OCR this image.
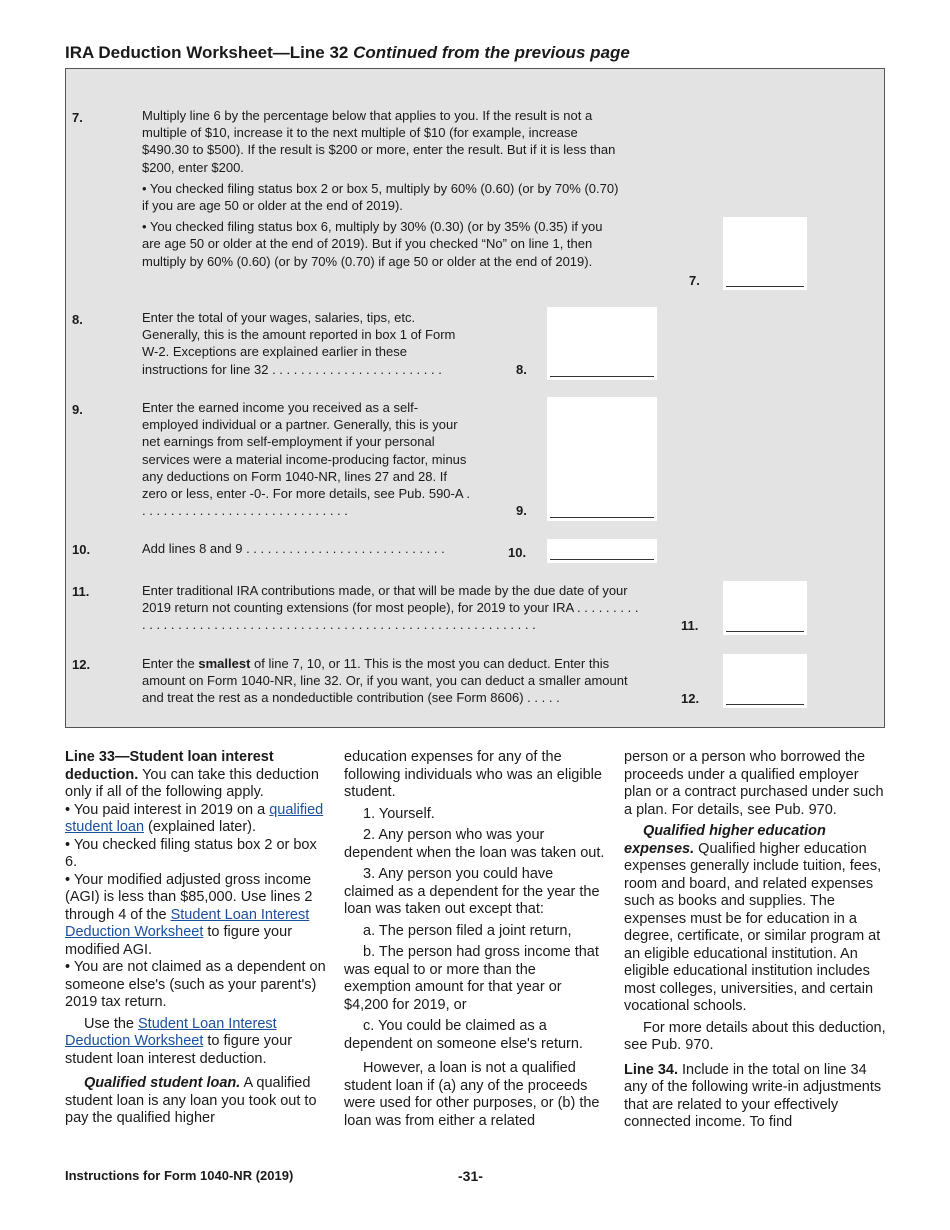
IRA Deduction Worksheet—Line 32 Continued from the previous page
7.	Multiply line 6 by the percentage below that applies to you. If the result is not a multiple of $10, increase it to the next multiple of $10 (for example, increase $490.30 to $500). If the result is $200 or more, enter the result. But if it is less than $200, enter $200.

• You checked filing status box 2 or box 5, multiply by 60% (0.60) (or by 70% (0.70) if you are age 50 or older at the end of 2019).

• You checked filing status box 6, multiply by 30% (0.30) (or by 35% (0.35) if you are age 50 or older at the end of 2019). But if you checked “No” on line 1, then multiply by 60% (0.60) (or by 70% (0.70) if age 50 or older at the end of 2019).

7.
8.	Enter the total of your wages, salaries, tips, etc. Generally, this is the amount reported in box 1 of Form W-2. Exceptions are explained earlier in these instructions for line 32 . . . . . . . . . . . . . . . . . . . . . . . .	8.
9.	Enter the earned income you received as a self-employed individual or a partner. Generally, this is your net earnings from self-employment if your personal services were a material income-producing factor, minus any deductions on Form 1040-NR, lines 27 and 28. If zero or less, enter -0-. For more details, see Pub. 590-A . . . . . . . . . . . . . . . . . . . . . . . . . . . . . .	9.
10.	Add lines 8 and 9 . . . . . . . . . . . . . . . . . . . . . . . . . . . .	10.
11.	Enter traditional IRA contributions made, or that will be made by the due date of your 2019 return not counting extensions (for most people), for 2019 to your IRA . . . . . . . . . . . . . . . . . . . . . . . . . . . . . . . . . . . . . . . . . . . . . . . . . . . . . . . . . . . . . . . .	11.
12.	Enter the smallest of line 7, 10, or 11. This is the most you can deduct. Enter this amount on Form 1040-NR, line 32. Or, if you want, you can deduct a smaller amount and treat the rest as a nondeductible contribution (see Form 8606) . . . . .	12.

Line 33—Student loan interest deduction. You can take this deduction only if all of the following apply.

• You paid interest in 2019 on a qualified student loan (explained later).

• You checked filing status box 2 or box 6.

• Your modified adjusted gross income (AGI) is less than $85,000. Use lines 2 through 4 of the Student Loan Interest Deduction Worksheet to figure your modified AGI.

• You are not claimed as a dependent on someone else's (such as your parent's) 2019 tax return.

Use the Student Loan Interest Deduction Worksheet to figure your student loan interest deduction.

Qualified student loan. A qualified student loan is any loan you took out to pay the qualified higher

education expenses for any of the following individuals who was an eligible student.

1. Yourself.

2. Any person who was your dependent when the loan was taken out.

3. Any person you could have claimed as a dependent for the year the loan was taken out except that:

a. The person filed a joint return,

b. The person had gross income that was equal to or more than the exemption amount for that year or $4,200 for 2019, or

c. You could be claimed as a dependent on someone else's return.

However, a loan is not a qualified student loan if (a) any of the proceeds were used for other purposes, or (b) the loan was from either a related

person or a person who borrowed the proceeds under a qualified employer plan or a contract purchased under such a plan. For details, see Pub. 970.

Qualified higher education expenses. Qualified higher education expenses generally include tuition, fees, room and board, and related expenses such as books and supplies. The expenses must be for education in a degree, certificate, or similar program at an eligible educational institution. An eligible educational institution includes most colleges, universities, and certain vocational schools.

For more details about this deduction, see Pub. 970.

Line 34. Include in the total on line 34 any of the following write-in adjustments that are related to your effectively connected income. To find

Instructions for Form 1040-NR (2019)	-31-
